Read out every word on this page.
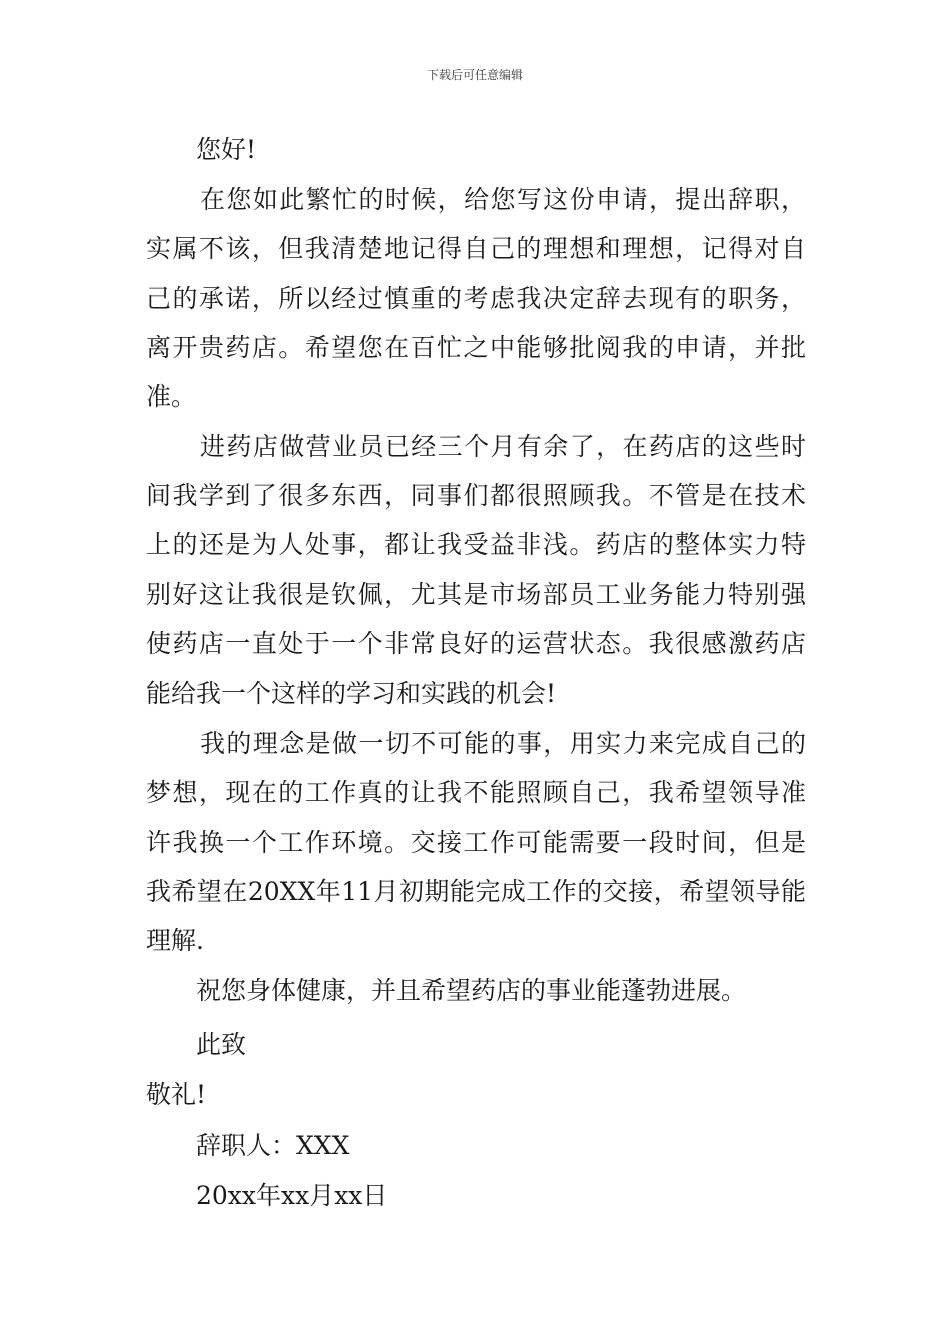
下载后可任意编辑
您好!
在您如此繁忙的时候，给您写这份申请，提出辞职，
实属不该，但我清楚地记得自己的理想和理想，记得对自
己的承诺，所以经过慎重的考虑我决定辞去现有的职务，
离开贵药店。希望您在百忙之中能够批阅我的申请，并批
准。
进药店做营业员已经三个月有余了，在药店的这些时
间我学到了很多东西，同事们都很照顾我。不管是在技术
上的还是为人处事，都让我受益非浅。药店的整体实力特
别好这让我很是钦佩，尤其是市场部员工业务能力特别强
使药店一直处于一个非常良好的运营状态。我很感激药店
能给我一个这样的学习和实践的机会!
我的理念是做一切不可能的事，用实力来完成自己的
梦想，现在的工作真的让我不能照顾自己，我希望领导准
许我换一个工作环境。交接工作可能需要一段时间，但是
我希望在20XX年11月初期能完成工作的交接，希望领导能
理解.
祝您身体健康，并且希望药店的事业能蓬勃进展。
此致
敬礼!
辞职人：XXX
20xx年xx月xx日
